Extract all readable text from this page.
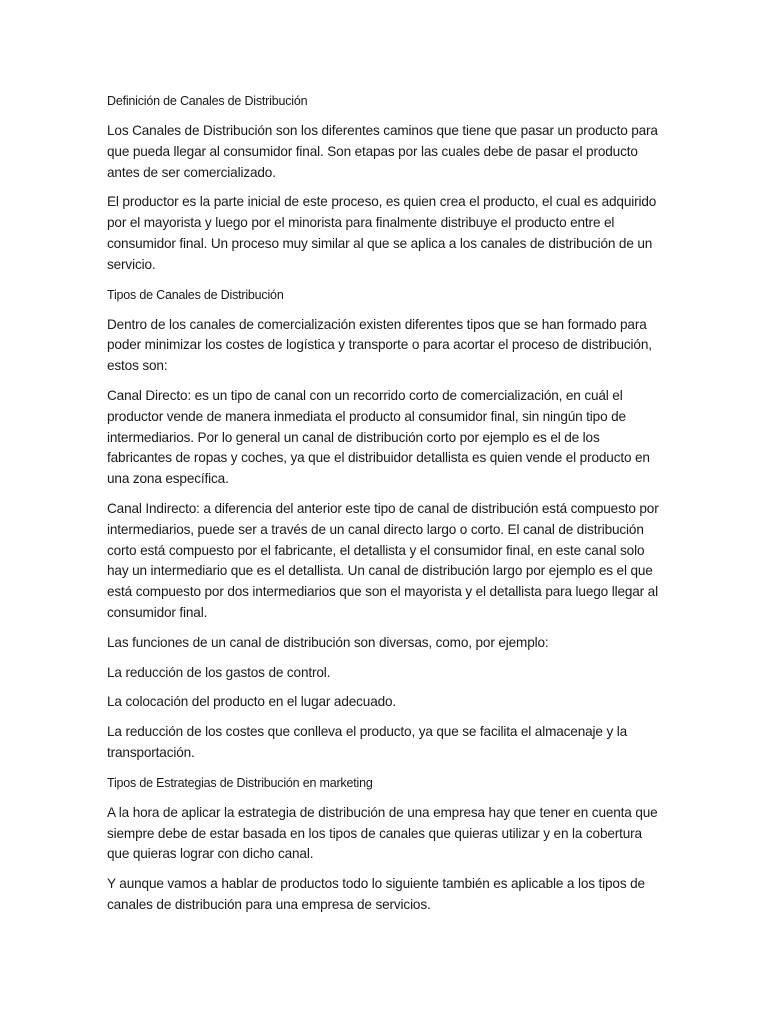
Definición de Canales de Distribución

Los Canales de Distribución son los diferentes caminos que tiene que pasar un producto para que pueda llegar al consumidor final. Son etapas por las cuales debe de pasar el producto antes de ser comercializado.

El productor es la parte inicial de este proceso, es quien crea el producto, el cual es adquirido por el mayorista y luego por el minorista para finalmente distribuye el producto entre el consumidor final. Un proceso muy similar al que se aplica a los canales de distribución de un servicio.

Tipos de Canales de Distribución

Dentro de los canales de comercialización existen diferentes tipos que se han formado para poder minimizar los costes de logística y transporte o para acortar el proceso de distribución, estos son:

Canal Directo: es un tipo de canal con un recorrido corto de comercialización, en cuál el productor vende de manera inmediata el producto al consumidor final, sin ningún tipo de intermediarios. Por lo general un canal de distribución corto por ejemplo es el de los fabricantes de ropas y coches, ya que el distribuidor detallista es quien vende el producto en una zona específica.

Canal Indirecto: a diferencia del anterior este tipo de canal de distribución está compuesto por intermediarios, puede ser a través de un canal directo largo o corto. El canal de distribución corto está compuesto por el fabricante, el detallista y el consumidor final, en este canal solo hay un intermediario que es el detallista. Un canal de distribución largo por ejemplo es el que está compuesto por dos intermediarios que son el mayorista y el detallista para luego llegar al consumidor final.

Las funciones de un canal de distribución son diversas, como, por ejemplo:

La reducción de los gastos de control.

La colocación del producto en el lugar adecuado.

La reducción de los costes que conlleva el producto, ya que se facilita el almacenaje y la transportación.

Tipos de Estrategias de Distribución en marketing

A la hora de aplicar la estrategia de distribución de una empresa hay que tener en cuenta que siempre debe de estar basada en los tipos de canales que quieras utilizar y en la cobertura que quieras lograr con dicho canal.

Y aunque vamos a hablar de productos todo lo siguiente también es aplicable a los tipos de canales de distribución para una empresa de servicios.
